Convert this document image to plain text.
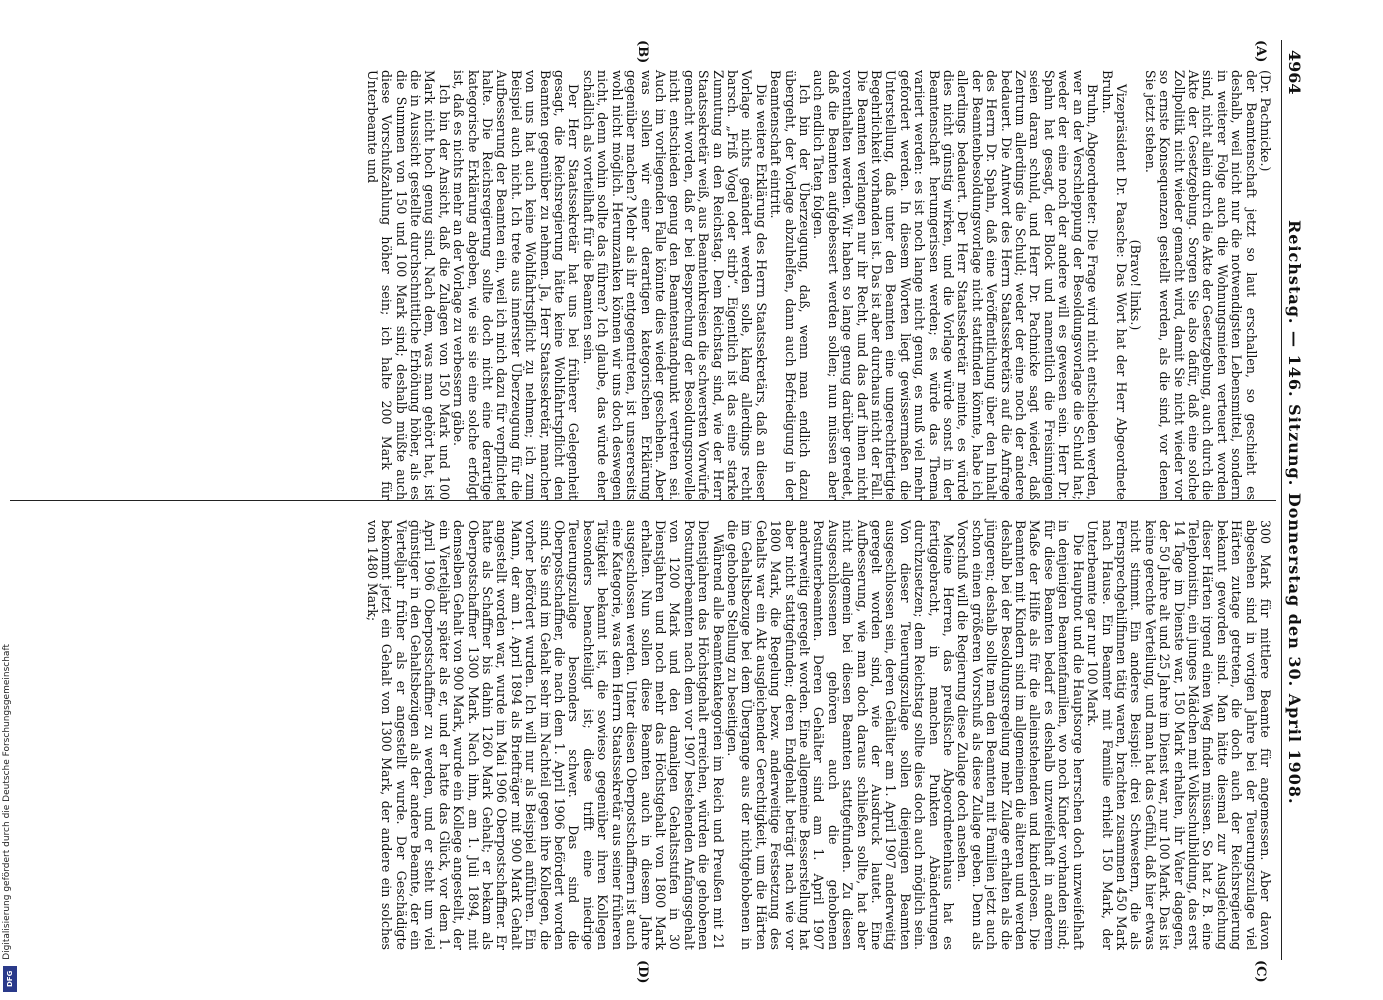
4964
Reichstag. — 146. Sitzung. Donnerstag den 30. April 1908.
(A)
(B)
(C)
(D)

(Dr. Pachnicke.)

der Beamtenschaft jetzt so laut erschallen, so geschieht es deshalb, weil nicht nur die notwendigsten Lebensmittel, sondern in weiterer Folge auch die Wohnungsmieten verteuert worden sind, nicht allein durch die Akte der Gesetzgebung, auch durch die Akte der Gesetzgebung. Sorgen Sie also dafür, daß eine solche Zollpolitik nicht wieder gemacht wird, damit Sie nicht wieder vor so ernste Konsequenzen gestellt werden, als die sind, vor denen Sie jetzt stehen.

(Bravo! links.)

Vizepräsident Dr. Paasche: Das Wort hat der Herr Abgeordnete Bruhn.

Bruhn, Abgeordneter: Die Frage wird nicht entschieden werden, wer an der Verschleppung der Besoldungsvorlage die Schuld hat; weder der eine noch der andere will es gewesen sein. Herr Dr. Spahn hat gesagt, der Block und namentlich die Freisinnigen seien daran schuld, und Herr Dr. Pachnicke sagt wieder, daß Zentrum allerdings die Schuld; weder der eine noch der andere bedauert. Die Antwort des Herrn Staatssekretärs auf die Anfrage des Herrn Dr. Spahn, daß eine Veröffentlichung über den Inhalt der Beamtenbesoldungsvorlage nicht stattfinden könnte, habe ich allerdings bedauert. Der Herr Staatssekretär meinte, es würde dies nicht günstig wirken, und die Vorlage würde sonst in der Beamtenschaft herumgerissen werden; es würde das Thema variiert werden: es ist noch lange nicht genug, es muß viel mehr gefordert werden. In diesem Worten liegt gewissermaßen die Unterstellung, daß unter den Beamten eine ungerechtfertigte Begehrlichkeit vorhanden ist. Das ist aber durchaus nicht der Fall. Die Beamten verlangen nur ihr Recht, und das darf ihnen nicht vorenthalten werden. Wir haben so lange genug darüber geredet, daß die Beamten aufgebessert werden sollen; nun müssen aber auch endlich Taten folgen.

Ich bin der Überzeugung, daß, wenn man endlich dazu übergeht, der Vorlage abzuhelfen, dann auch Befriedigung in der Beamtenschaft eintritt.

Die weitere Erklärung des Herrn Staatssekretärs, daß an dieser Vorlage nichts geändert werden solle, klang allerdings recht barsch. „Friß Vogel oder stirb“. Eigentlich ist das eine starke Zumutung an den Reichstag. Dem Reichstag sind, wie der Herr Staatssekretär weiß, aus Beamtenkreisen die schwersten Vorwürfe gemacht worden, daß er bei Besprechung der Besoldungsnovelle nicht entschieden genug den Beamtenstandpunkt vertreten sei. Auch im vorliegenden Falle könnte dies wieder geschehen. Aber was sollen wir einer derartigen kategorischen Erklärung gegenüber machen? Mehr als ihr entgegentreten, ist unsererseits wohl nicht möglich. Herumzanken können wir uns doch deswegen nicht, denn wohin sollte das führen? Ich glaube, das würde eher schädlich als vorteilhaft für die Beamten sein.

Der Herr Staatssekretär hat uns bei früherer Gelegenheit gesagt, die Reichsregierung hätte keine Wohlfahrtspflicht den Beamten gegenüber zu nehmen. Ja, Herr Staatssekretär, mancher von uns hat auch keine Wohlfahrtspflicht zu nehmen; ich zum Beispiel auch nicht. Ich trete aus innerster Überzeugung für die Aufbesserung der Beamten ein, weil ich mich dazu für verpflichtet halte. Die Reichsregierung sollte doch nicht eine derartige kategorische Erklärung abgeben, wie sie sie eine solche erfolgt ist, daß es nichts mehr an der Vorlage zu verbessern gäbe.

Ich bin der Ansicht, daß die Zulagen von 150 Mark und 100 Mark nicht hoch genug sind. Nach dem, was man gehört hat, ist die in Aussicht gestellte durchschnittliche Erhöhung höher, als es die Summen von 150 und 100 Mark sind; deshalb müßte auch diese Vorschußzahlung höher sein; ich halte 200 Mark für Unterbeamte und

300 Mark für mittlere Beamte für angemessen. Aber davon abgesehen sind in vorigen Jahre bei der Teuerungszulage viel Härten zutage getreten, die doch auch der Reichsregierung bekannt geworden sind. Man hätte diesmal zur Ausgleichung dieser Härten irgend einen Weg finden müssen. So hat z. B. eine Telephonistin, ein junges Mädchen mit Volksschulbildung, das erst 14 Tage im Dienste war, 150 Mark erhalten, ihr Vater dagegen, der 50 Jahre alt und 25 Jahre im Dienst war, nur 100 Mark. Das ist keine gerechte Verteilung, und man hat das Gefühl, daß hier etwas nicht stimmt. Ein anderes Beispiel: drei Schwestern, die als Fernsprechgehilfinnen tätig waren, brachten zusammen 450 Mark nach Hause. Ein Beamter mit Familie erhielt 150 Mark, der Unterbeamte gar nur 100 Mark.

Die Hauptnot und die Hauptsorge herrschen doch unzweifelhaft in denjenigen Beamtenfamilien, wo noch Kinder vorhanden sind; für diese Beamten bedarf es deshalb unzweifelhaft in anderem Maße der Hilfe als für die alleinstehenden und kinderlosen. Die Beamten mit Kindern sind im allgemeinen die älteren und werden deshalb bei der Besoldungsregelung mehr Zulage erhalten als die jüngeren; deshalb sollte man den Beamten mit Familien jetzt auch schon einen größeren Vorschuß als diese Zulage geben. Denn als Vorschuß will die Regierung diese Zulage doch ansehen.

Meine Herren, das preußische Abgeordnetenhaus hat es fertiggebracht, in manchen Punkten Abänderungen durchzusetzen; dem Reichstag sollte dies doch auch möglich sein. Von dieser Teuerungszulage sollen diejenigen Beamten ausgeschlossen sein, deren Gehälter am 1. April 1907 anderweitig geregelt worden sind, wie der Ausdruck lautet. Eine Aufbesserung, wie man doch daraus schließen sollte, hat aber nicht allgemein bei diesen Beamten stattgefunden. Zu diesen Ausgeschlossenen gehören auch die gehobenen Postunterbeamten. Deren Gehälter sind am 1. April 1907 anderweitig geregelt worden. Eine allgemeine Besserstellung hat aber nicht stattgefunden; deren Endgehalt beträgt nach wie vor 1800 Mark, die Regelung bezw. anderweitige Festsetzung des Gehalts war ein Akt ausgleichender Gerechtigkeit, um die Härten im Gehaltsbezuge bei dem Übergange aus der nichtgehobenen in die gehobene Stellung zu beseitigen.

Während alle Beamtenkategorien im Reich und Preußen mit 21 Dienstjahren das Höchstgehalt erreichen, würden die gehobenen Postunterbeamten nach dem vor 1907 bestehenden Anfangsgehalt von 1200 Mark und den damaligen Gehaltsstufen in 30 Dienstjahren und noch mehr das Höchstgehalt von 1800 Mark erhalten. Nun sollen diese Beamten auch in diesem Jahre ausgeschlossen werden. Unter diesen Oberpostschaffnern ist auch eine Kategorie, was dem Herrn Staatssekretär aus seiner früheren Tätigkeit bekannt ist, die sowieso gegenüber ihren Kollegen besonders benachteiligt ist; diese trifft eine niedrige Teuerungszulage besonders schwer. Das sind die Oberpostschaffner, die nach dem 1. April 1906 befördert worden sind. Sie sind im Gehalt sehr im Nachteil gegen ihre Kollegen, die vorher befördert wurden. Ich will nur als Beispiel anführen. Ein Mann, der am 1. April 1894 als Briefträger mit 900 Mark Gehalt angestellt worden war, wurde im Mai 1906 Oberpostschaffner. Er hatte als Schaffner bis dahin 1260 Mark Gehalt; er bekam als Oberpostschaffner 1300 Mark. Nach ihm, am 1. Juli 1894, mit demselben Gehalt von 900 Mark, wurde ein Kollege angestellt, der ein Vierteljahr später als er, und er hatte das Glück, vor dem 1. April 1906 Oberpostschaffner zu werden, und er steht um viel günstiger in den Gehaltsbezügen als der andere Beamte, der ein Vierteljahr früher als er angestellt wurde. Der Geschädigte bekommt jetzt ein Gehalt von 1300 Mark, der andere ein solches von 1480 Mark;

Digitalisierung gefördert durch die Deutsche Forschungsgemeinschaft
DFG
